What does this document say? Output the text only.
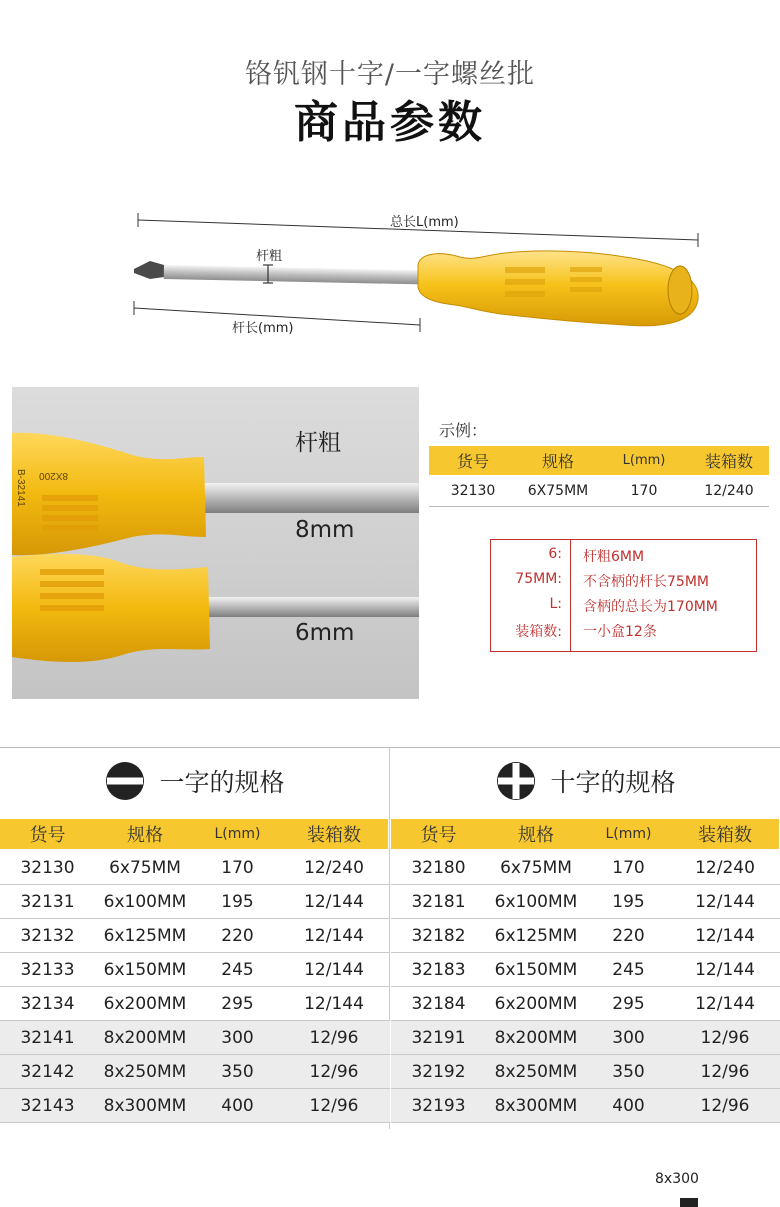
铬钒钢十字/一字螺丝批
商品参数
总长L(mm)
杆粗
杆长(mm)
B-32141 8X200
杆粗
8mm
6mm
示例：
货号	规格	L(mm)	装箱数
32130	6X75MM	170	12/240
6: 杆粗6MM
75MM: 不含柄的杆长75MM
L: 含柄的总长为170MM
装箱数: 一小盒12条
一字的规格
货号	规格	L(mm)	装箱数
32130	6x75MM	170	12/240
32131	6x100MM	195	12/144
32132	6x125MM	220	12/144
32133	6x150MM	245	12/144
32134	6x200MM	295	12/144
32141	8x200MM	300	12/96
32142	8x250MM	350	12/96
32143	8x300MM	400	12/96
十字的规格
货号	规格	L(mm)	装箱数
32180	6x75MM	170	12/240
32181	6x100MM	195	12/144
32182	6x125MM	220	12/144
32183	6x150MM	245	12/144
32184	6x200MM	295	12/144
32191	8x200MM	300	12/96
32192	8x250MM	350	12/96
32193	8x300MM	400	12/96
8x300
